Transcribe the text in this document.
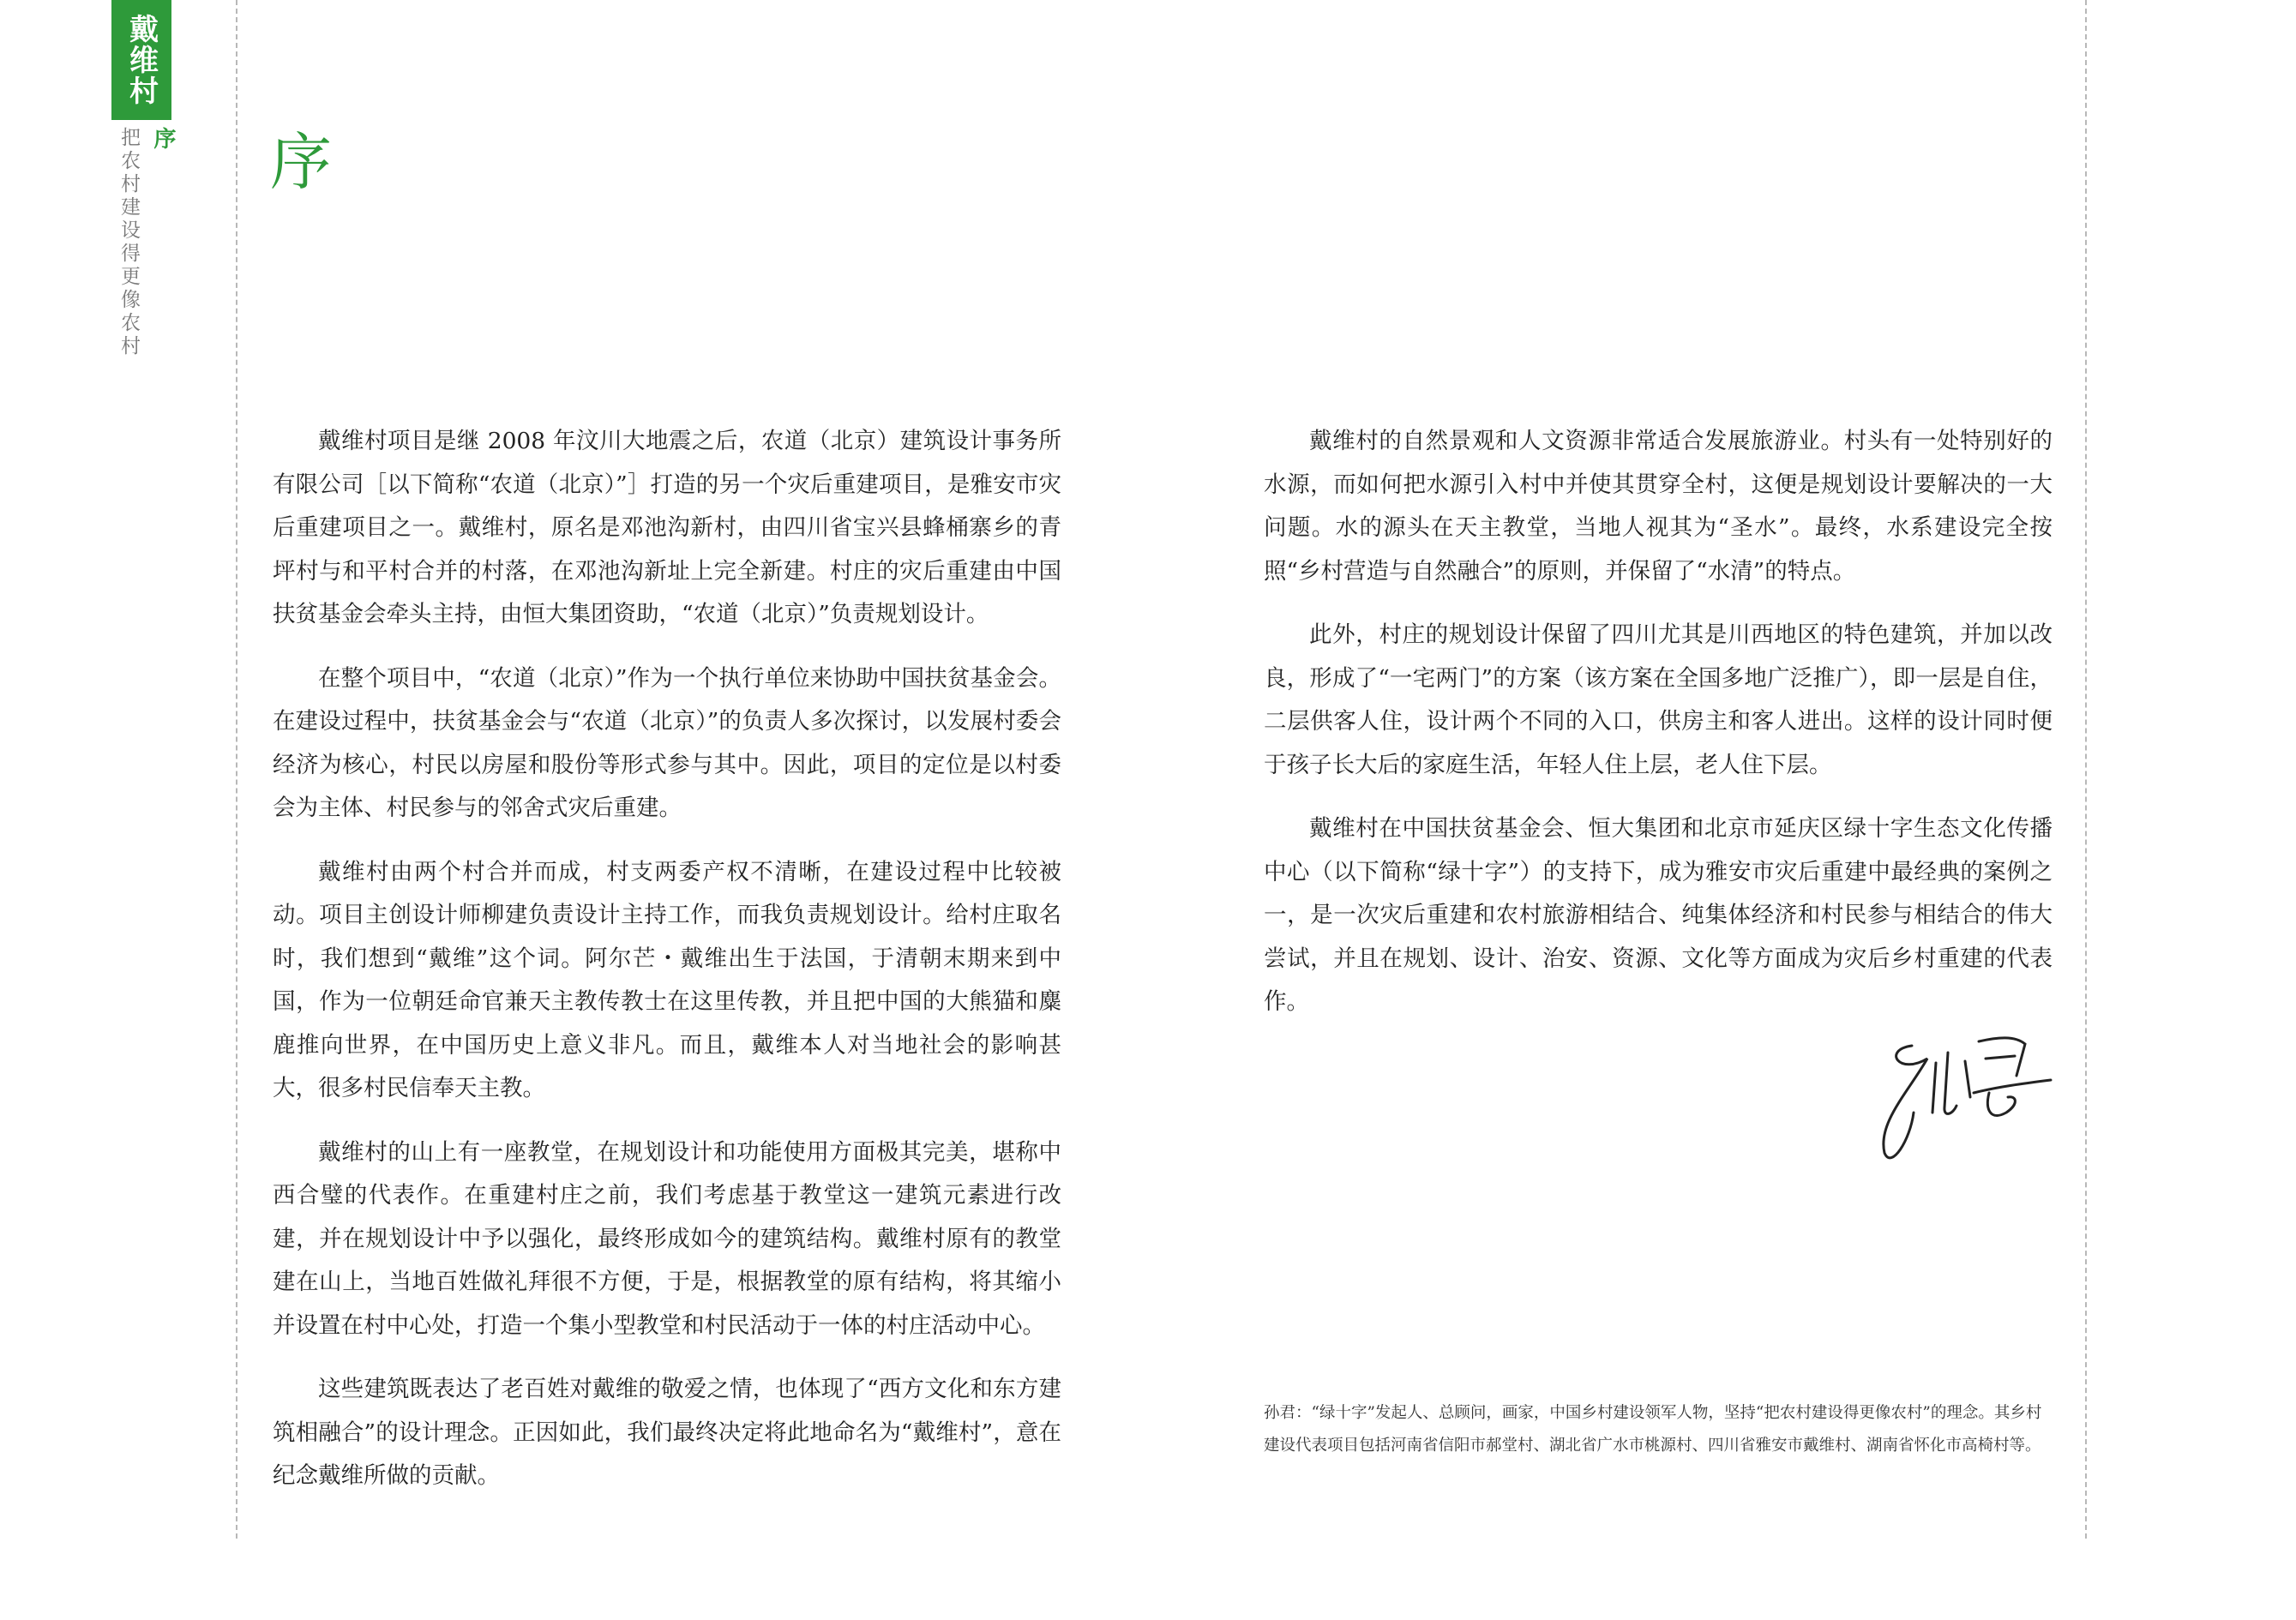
戴维村
序
把农村建设得更像农村 序

戴维村项目是继 2008 年汶川大地震之后，农道（北京）建筑设计事务所有限公司［以下简称“农道（北京）”］打造的另一个灾后重建项目，是雅安市灾后重建项目之一。戴维村，原名是邓池沟新村，由四川省宝兴县蜂桶寨乡的青坪村与和平村合并的村落，在邓池沟新址上完全新建。村庄的灾后重建由中国扶贫基金会牵头主持，由恒大集团资助，“农道（北京）”负责规划设计。

在整个项目中，“农道（北京）”作为一个执行单位来协助中国扶贫基金会。在建设过程中，扶贫基金会与“农道（北京）”的负责人多次探讨，以发展村委会经济为核心，村民以房屋和股份等形式参与其中。因此，项目的定位是以村委会为主体、村民参与的邻舍式灾后重建。

戴维村由两个村合并而成，村支两委产权不清晰，在建设过程中比较被动。项目主创设计师柳建负责设计主持工作，而我负责规划设计。给村庄取名时，我们想到“戴维”这个词。阿尔芒・戴维出生于法国，于清朝末期来到中国，作为一位朝廷命官兼天主教传教士在这里传教，并且把中国的大熊猫和麋鹿推向世界，在中国历史上意义非凡。而且，戴维本人对当地社会的影响甚大，很多村民信奉天主教。

戴维村的山上有一座教堂，在规划设计和功能使用方面极其完美，堪称中西合璧的代表作。在重建村庄之前，我们考虑基于教堂这一建筑元素进行改建，并在规划设计中予以强化，最终形成如今的建筑结构。戴维村原有的教堂建在山上，当地百姓做礼拜很不方便，于是，根据教堂的原有结构，将其缩小并设置在村中心处，打造一个集小型教堂和村民活动于一体的村庄活动中心。

这些建筑既表达了老百姓对戴维的敬爱之情，也体现了“西方文化和东方建筑相融合”的设计理念。正因如此，我们最终决定将此地命名为“戴维村”，意在纪念戴维所做的贡献。

戴维村的自然景观和人文资源非常适合发展旅游业。村头有一处特别好的水源，而如何把水源引入村中并使其贯穿全村，这便是规划设计要解决的一大问题。水的源头在天主教堂，当地人视其为“圣水”。最终，水系建设完全按照“乡村营造与自然融合”的原则，并保留了“水清”的特点。

此外，村庄的规划设计保留了四川尤其是川西地区的特色建筑，并加以改良，形成了“一宅两门”的方案（该方案在全国多地广泛推广），即一层是自住，二层供客人住，设计两个不同的入口，供房主和客人进出。这样的设计同时便于孩子长大后的家庭生活，年轻人住上层，老人住下层。

戴维村在中国扶贫基金会、恒大集团和北京市延庆区绿十字生态文化传播中心（以下简称“绿十字”）的支持下，成为雅安市灾后重建中最经典的案例之一，是一次灾后重建和农村旅游相结合、纯集体经济和村民参与相结合的伟大尝试，并且在规划、设计、治安、资源、文化等方面成为灾后乡村重建的代表作。

孙君：“绿十字”发起人、总顾问，画家，中国乡村建设领军人物，坚持“把农村建设得更像农村”的理念。其乡村建设代表项目包括河南省信阳市郝堂村、湖北省广水市桃源村、四川省雅安市戴维村、湖南省怀化市高椅村等。
